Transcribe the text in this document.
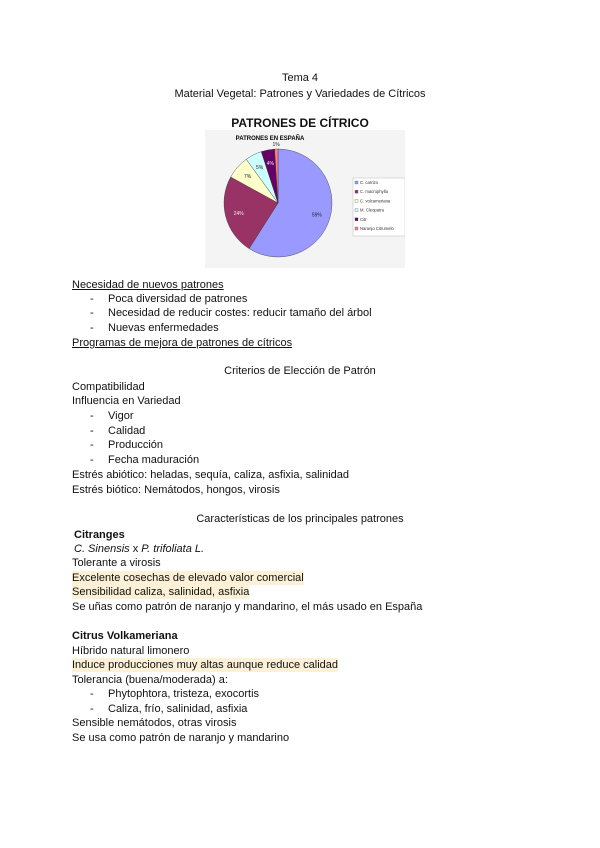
Tema 4
Material Vegetal: Patrones y Variedades de Cítricos
PATRONES DE CÍTRICO
PATRONES EN ESPAÑA
59%
C. carrizo
24%
C. macrophylla
7%
C. volcameriana
5%
M. Cleopatra
4%
Citr
1%
Naranjo Citrumelo
Necesidad de nuevos patrones
- Poca diversidad de patrones
- Necesidad de reducir costes: reducir tamaño del árbol
- Nuevas enfermedades
Programas de mejora de patrones de cítricos
Criterios de Elección de Patrón
Compatibilidad
Influencia en Variedad
- Vigor
- Calidad
- Producción
- Fecha maduración
Estrés abiótico: heladas, sequía, caliza, asfixia, salinidad
Estrés biótico: Nemátodos, hongos, virosis
Características de los principales patrones
Citranges
C. Sinensis x P. trifoliata L.
Tolerante a virosis
Excelente cosechas de elevado valor comercial
Sensibilidad caliza, salinidad, asfixia
Se uñas como patrón de naranjo y mandarino, el más usado en España
Citrus Volkameriana
Híbrido natural limonero
Induce producciones muy altas aunque reduce calidad
Tolerancia (buena/moderada) a:
- Phytophtora, tristeza, exocortis
- Caliza, frío, salinidad, asfixia
Sensible nemátodos, otras virosis
Se usa como patrón de naranjo y mandarino
